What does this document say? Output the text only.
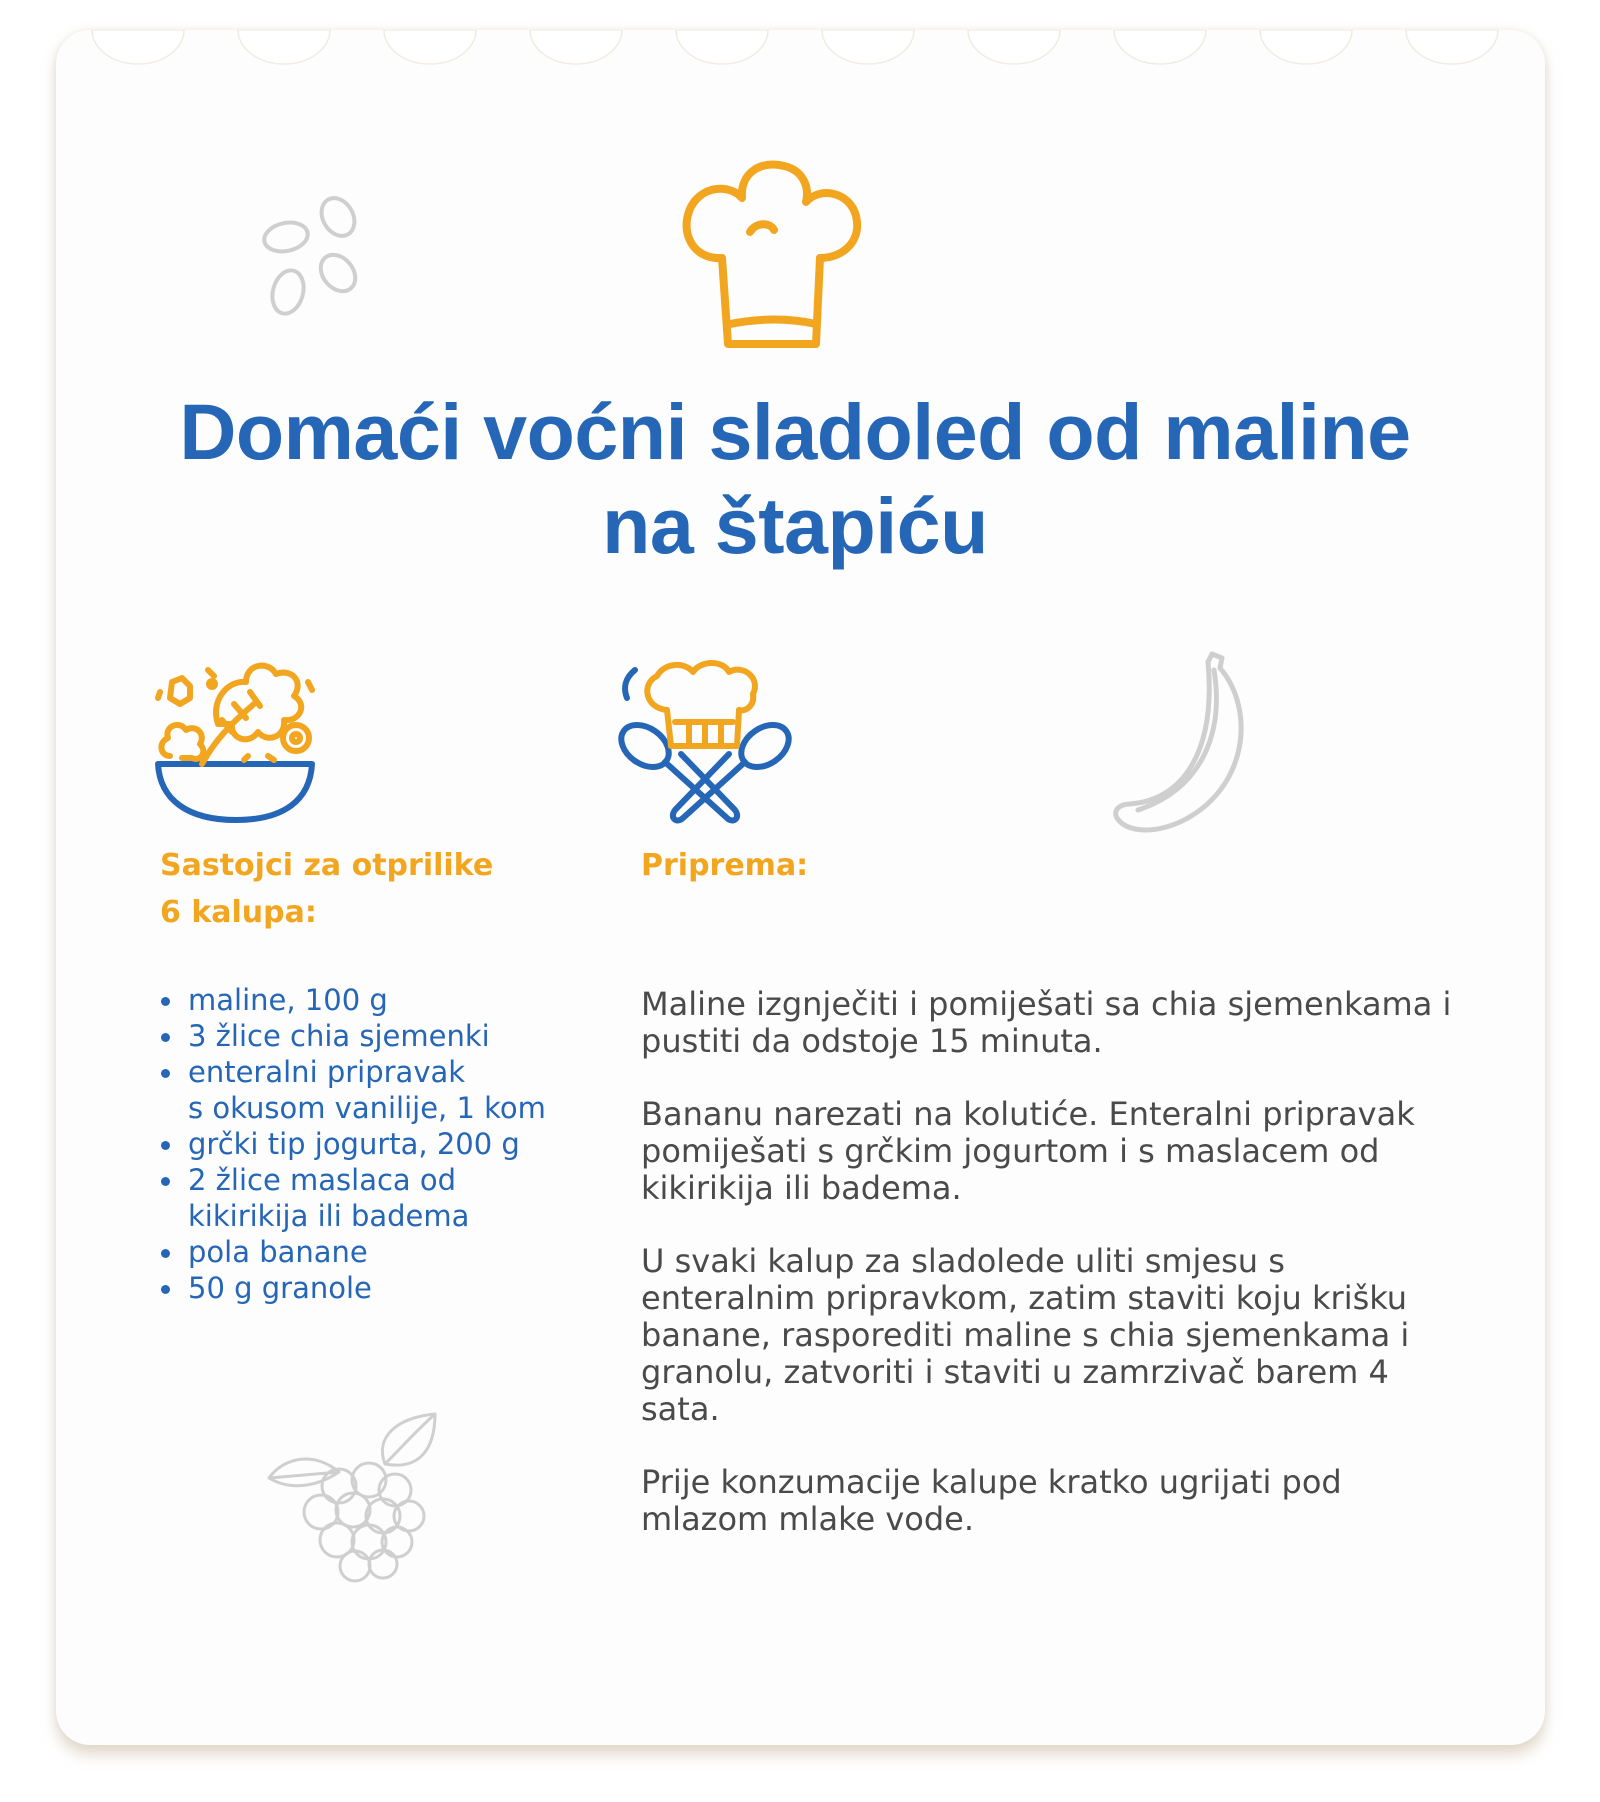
Domaći voćni sladoled od maline
na štapiću
Sastojci za otprilike
6 kalupa:
Priprema:
maline, 100 g
3 žlice chia sjemenki
enteralni pripravak
s okusom vanilije, 1 kom
grčki tip jogurta, 200 g
2 žlice maslaca od
kikirikija ili badema
pola banane
50 g granole

Maline izgnječiti i pomiješati sa chia sjemenkama i pustiti da odstoje 15 minuta.

Bananu narezati na kolutiće. Enteralni pripravak pomiješati s grčkim jogurtom i s maslacem od kikirikija ili badema.

U svaki kalup za sladolede uliti smjesu s enteralnim pripravkom, zatim staviti koju krišku banane, rasporediti maline s chia sjemenkama i granolu, zatvoriti i staviti u zamrzivač barem 4 sata.

Prije konzumacije kalupe kratko ugrijati pod mlazom mlake vode.
